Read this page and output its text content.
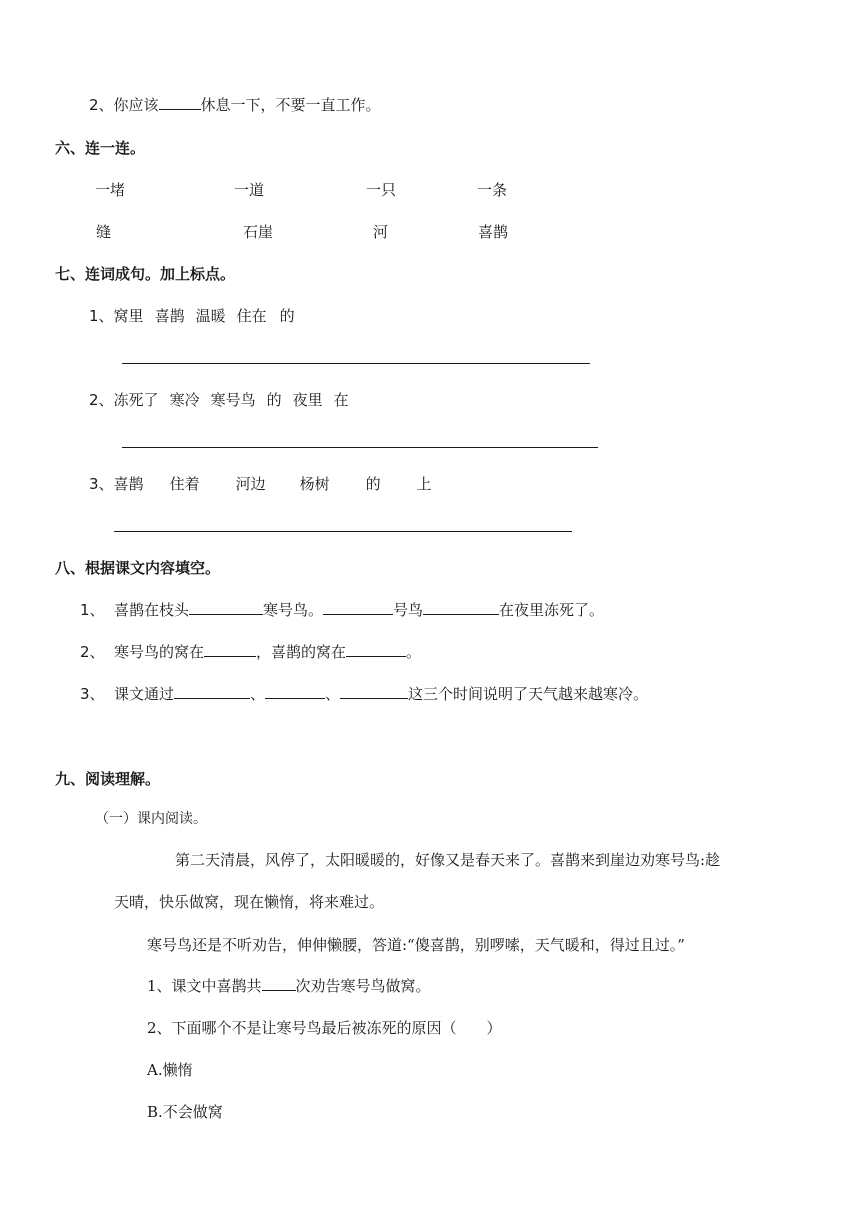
2、你应该	休息一下，不要一直工作。
六、连一连。
一堵	一道	一只	一条
缝	石崖	河	喜鹊
七、连词成句。加上标点。
1、窝里 喜鹊 温暖 住在 的
2、冻死了 寒冷 寒号鸟 的 夜里 在
3、喜鹊 住着 河边 杨树 的 上
八、根据课文内容填空。
1、 喜鹊在枝头	寒号鸟。	号鸟	在夜里冻死了。
2、 寒号鸟的窝在	，喜鹊的窝在	。
3、 课文通过	、	、	这三个时间说明了天气越来越寒冷。
九、阅读理解。
（一）课内阅读。
第二天清晨，风停了，太阳暖暖的，好像又是春天来了。喜鹊来到崖边劝寒号鸟:趁
天晴，快乐做窝，现在懒惰，将来难过。
寒号鸟还是不听劝告，伸伸懒腰，答道:“傻喜鹊，别啰嗦，天气暖和，得过且过。”
1、课文中喜鹊共 次劝告寒号鸟做窝。
2、下面哪个不是让寒号鸟最后被冻死的原因（　　）
A.懒惰
B.不会做窝
